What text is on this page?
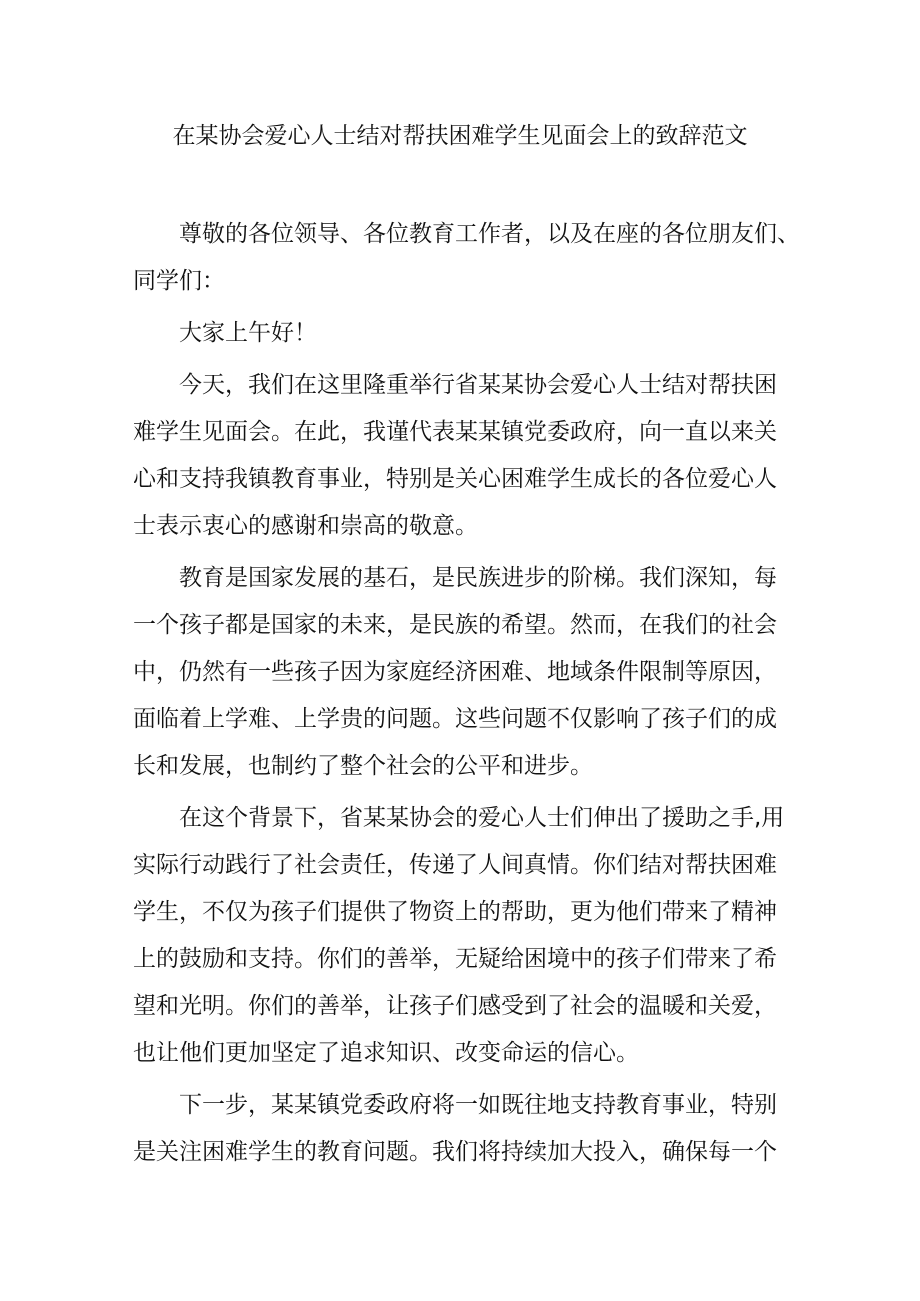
在某协会爱心人士结对帮扶困难学生见面会上的致辞范文

尊敬的各位领导、各位教育工作者，以及在座的各位朋友们、
同学们：

大家上午好！

今天，我们在这里隆重举行省某某协会爱心人士结对帮扶困
难学生见面会。在此，我谨代表某某镇党委政府，向一直以来关
心和支持我镇教育事业，特别是关心困难学生成长的各位爱心人
士表示衷心的感谢和崇高的敬意。

教育是国家发展的基石，是民族进步的阶梯。我们深知，每
一个孩子都是国家的未来，是民族的希望。然而，在我们的社会
中，仍然有一些孩子因为家庭经济困难、地域条件限制等原因，
面临着上学难、上学贵的问题。这些问题不仅影响了孩子们的成
长和发展，也制约了整个社会的公平和进步。

在这个背景下，省某某协会的爱心人士们伸出了援助之手,用
实际行动践行了社会责任，传递了人间真情。你们结对帮扶困难
学生，不仅为孩子们提供了物资上的帮助，更为他们带来了精神
上的鼓励和支持。你们的善举，无疑给困境中的孩子们带来了希
望和光明。你们的善举，让孩子们感受到了社会的温暖和关爱，
也让他们更加坚定了追求知识、改变命运的信心。

下一步，某某镇党委政府将一如既往地支持教育事业，特别
是关注困难学生的教育问题。我们将持续加大投入，确保每一个
